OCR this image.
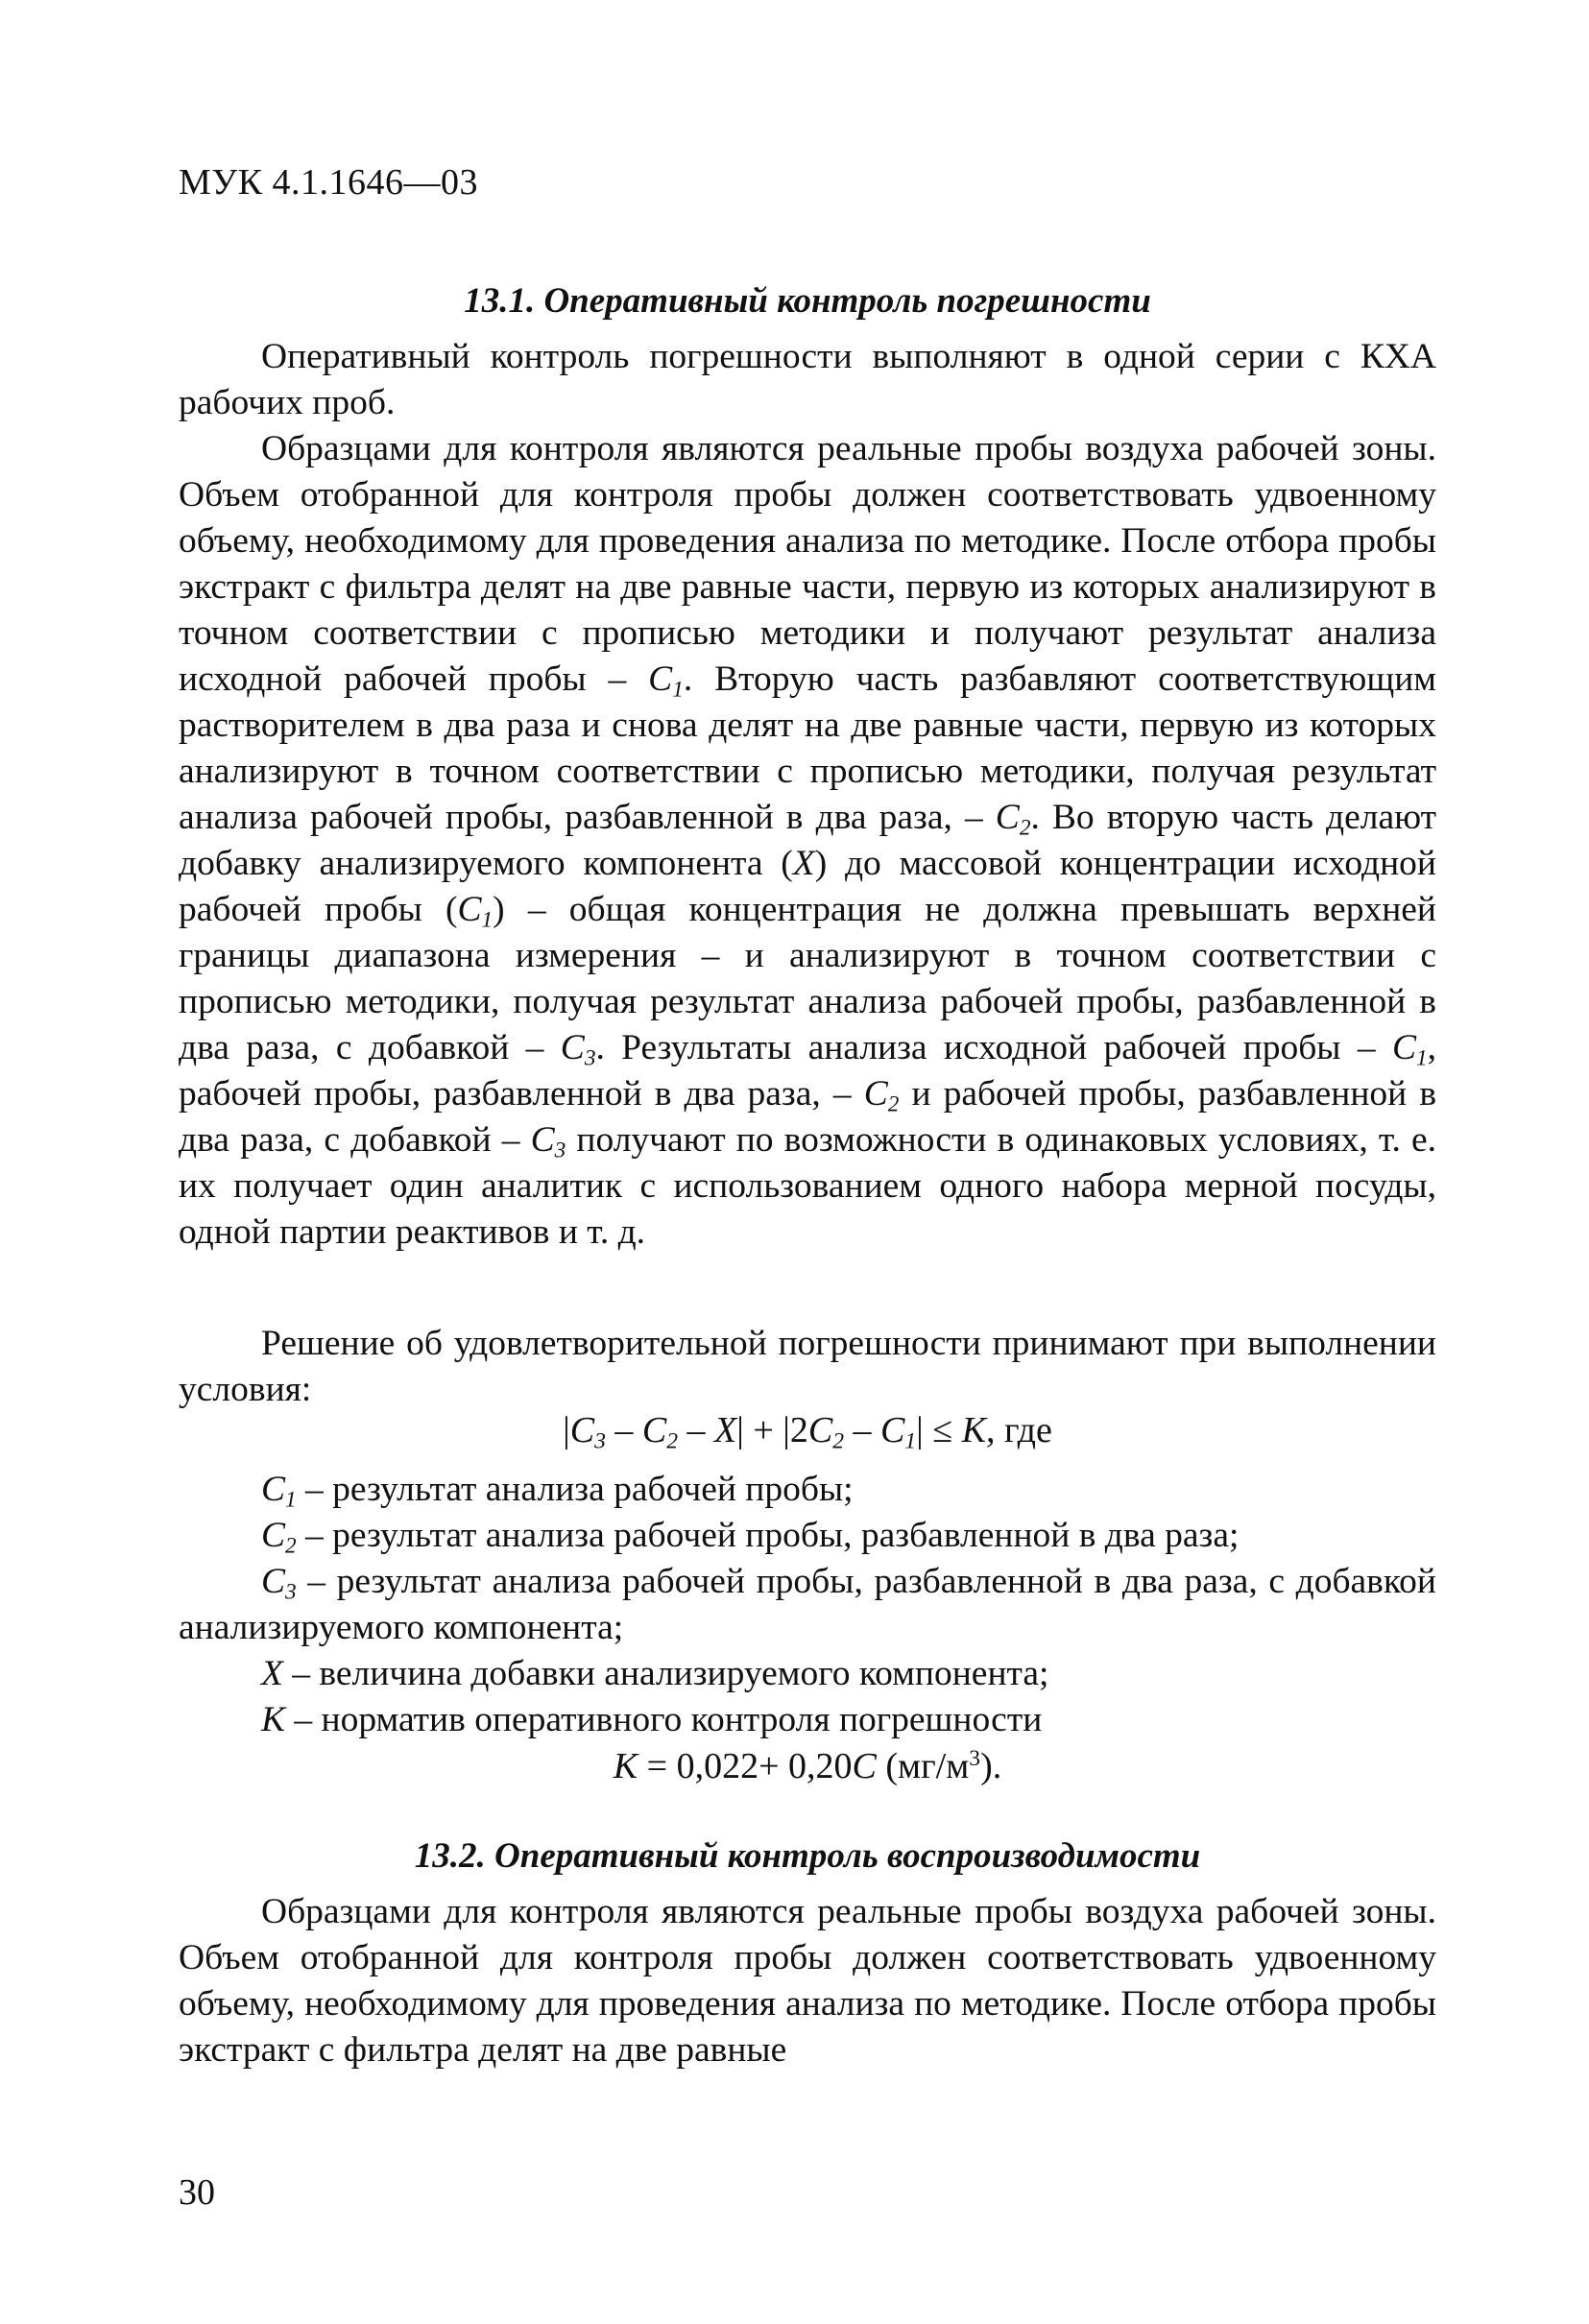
МУК 4.1.1646—03

13.1. Оперативный контроль погрешности

Оперативный контроль погрешности выполняют в одной серии с КХА рабочих проб.

Образцами для контроля являются реальные пробы воздуха рабочей зоны. Объем отобранной для контроля пробы должен соответствовать удвоенному объему, необходимому для проведения анализа по методике. После отбора пробы экстракт с фильтра делят на две равные части, первую из которых анализируют в точном соответствии с прописью методики и получают результат анализа исходной рабочей пробы – $C_1$. Вторую часть разбавляют соответствующим растворителем в два раза и снова делят на две равные части, первую из которых анализируют в точном соответствии с прописью методики, получая результат анализа рабочей пробы, разбавленной в два раза, – $C_2$. Во вторую часть делают добавку анализируемого компонента (X) до массовой концентрации исходной рабочей пробы $(C_1)$ – общая концентрация не должна превышать верхней границы диапазона измерения – и анализируют в точном соответствии с прописью методики, получая результат анализа рабочей пробы, разбавленной в два раза, с добавкой – $C_3$. Результаты анализа исходной рабочей пробы – $C_1$, рабочей пробы, разбавленной в два раза, – $C_2$ и рабочей пробы, разбавленной в два раза, с добавкой – $C_3$ получают по возможности в одинаковых условиях, т. е. их получает один аналитик с использованием одного набора мерной посуды, одной партии реактивов и т. д.

Решение об удовлетворительной погрешности принимают при выполнении условия:

$|C_3 - C_2 - X| + |2C_2 - C_1| \le K$, где

$C_1$ – результат анализа рабочей пробы;

$C_2$ – результат анализа рабочей пробы, разбавленной в два раза;

$C_3$ – результат анализа рабочей пробы, разбавленной в два раза, с добавкой анализируемого компонента;

X – величина добавки анализируемого компонента;

K – норматив оперативного контроля погрешности

K = 0,022+ 0,20C $(мг/м^3)$.

13.2. Оперативный контроль воспроизводимости

Образцами для контроля являются реальные пробы воздуха рабочей зоны. Объем отобранной для контроля пробы должен соответствовать удвоенному объему, необходимому для проведения анализа по методике. После отбора пробы экстракт с фильтра делят на две равные

30
